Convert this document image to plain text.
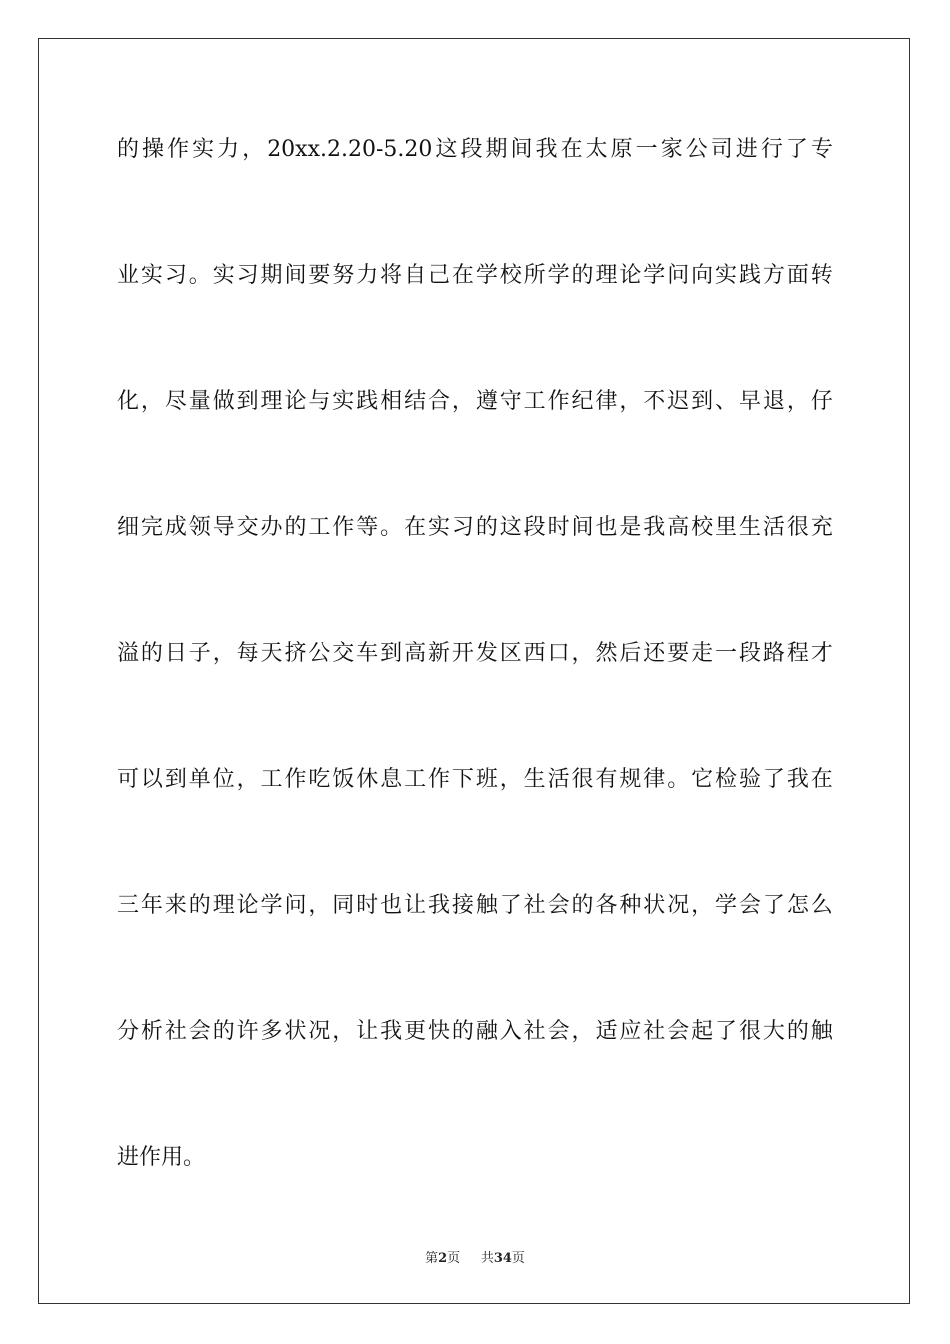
的 操 作 实 力 ， 20xx.2.20-5.20 这 段 期 间 我 在 太 原 一 家 公 司 进 行 了 专
业 实 习 。 实 习 期 间 要 努 力 将 自 己 在 学 校 所 学 的 理 论 学 问 向 实 践 方 面 转
化 ， 尽 量 做 到 理 论 与 实 践 相 结 合 ， 遵 守 工 作 纪 律 ， 不 迟 到 、 早 退 ， 仔
细 完 成 领 导 交 办 的 工 作 等 。 在 实 习 的 这 段 时 间 也 是 我 高 校 里 生 活 很 充
溢 的 日 子 ， 每 天 挤 公 交 车 到 高 新 开 发 区 西 口 ， 然 后 还 要 走 一 段 路 程 才
可 以 到 单 位 ， 工 作 吃 饭 休 息 工 作 下 班 ， 生 活 很 有 规 律 。 它 检 验 了 我 在
三 年 来 的 理 论 学 问 ， 同 时 也 让 我 接 触 了 社 会 的 各 种 状 况 ， 学 会 了 怎 么
分 析 社 会 的 许 多 状 况 ， 让 我 更 快 的 融 入 社 会 ， 适 应 社 会 起 了 很 大 的 触
进作用。
第2页 共34页
